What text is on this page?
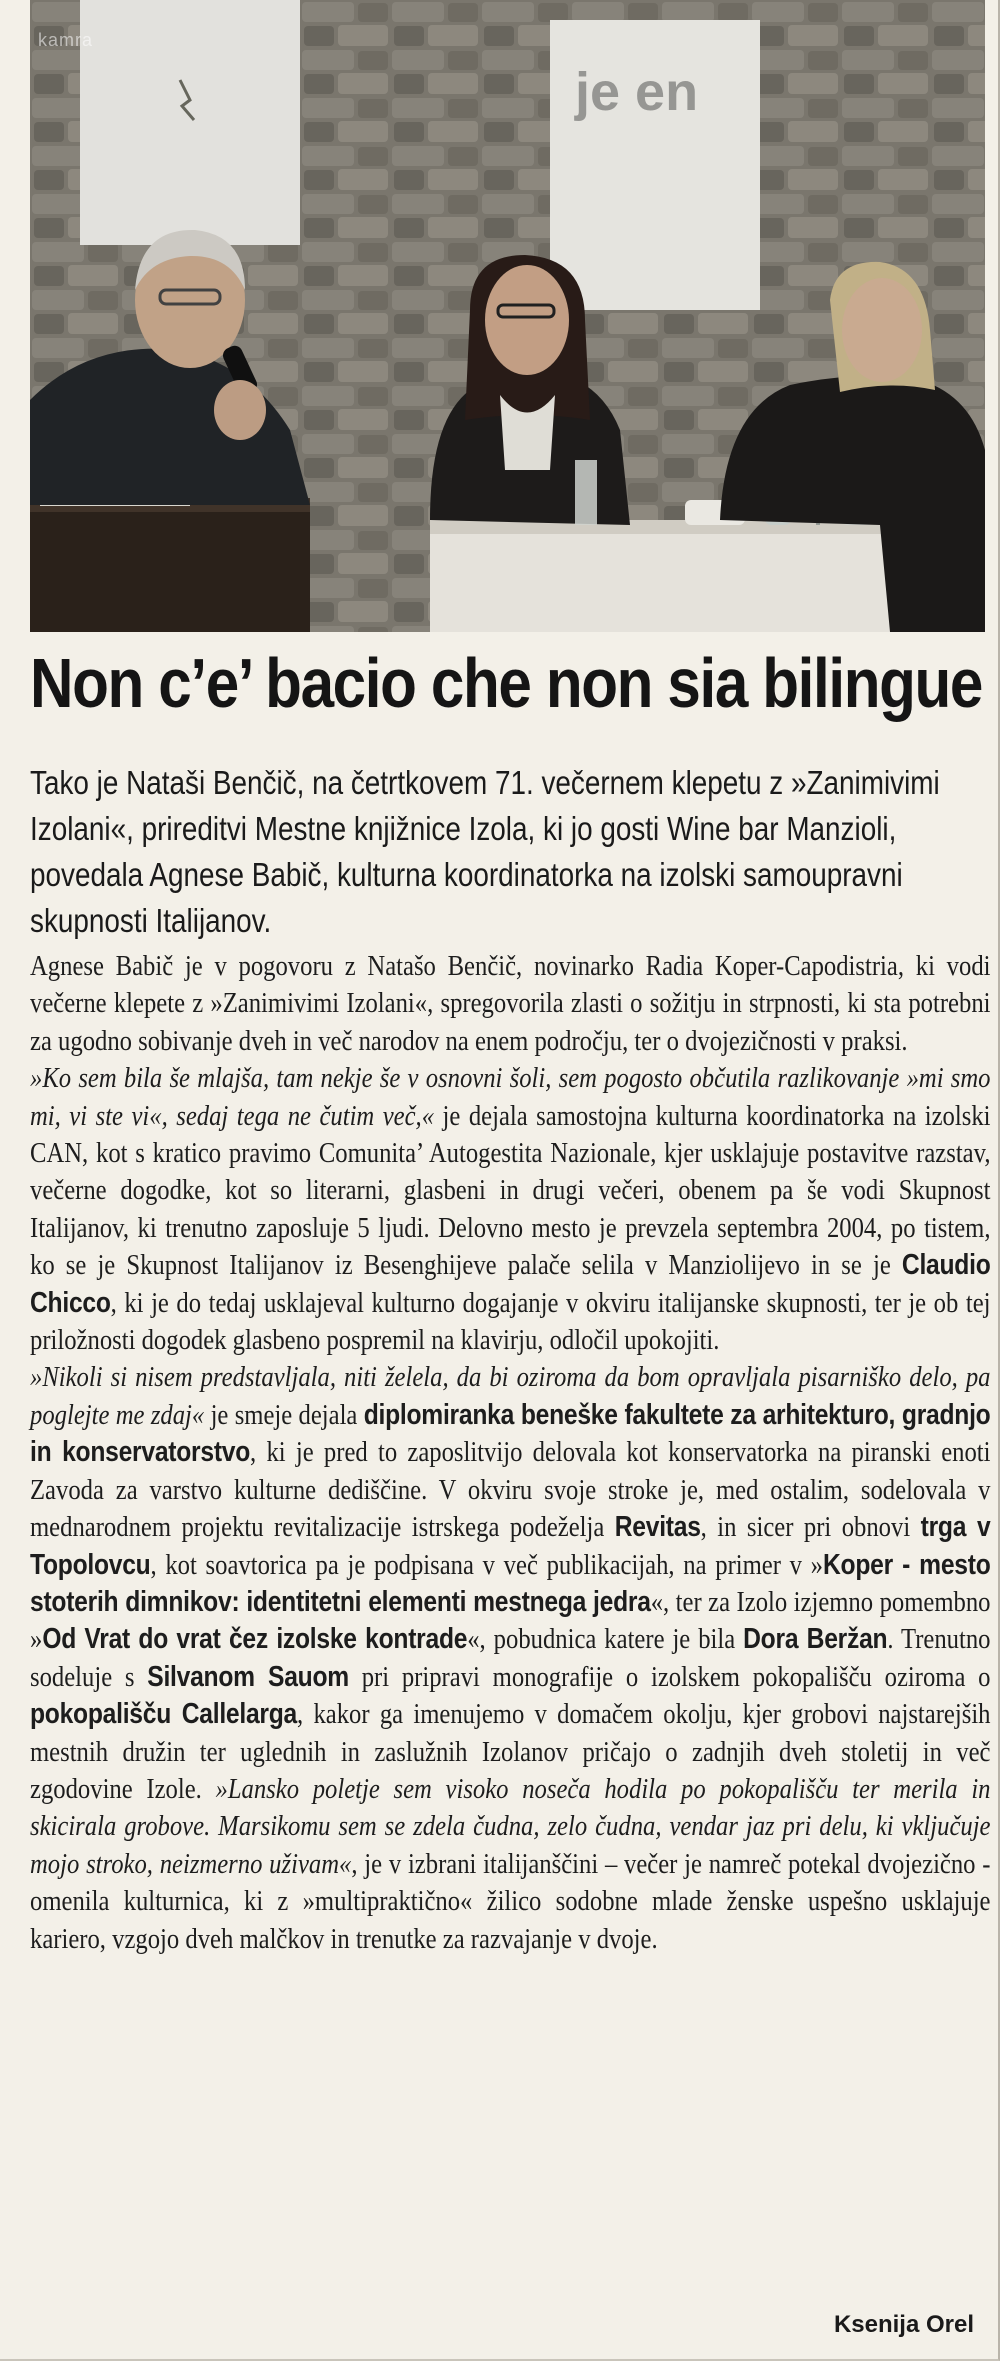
je en
kamra
Non c’e’ bacio che non sia bilingue

Tako je Nataši Benčič, na četrtkovem 71. večernem klepetu z »Zanimivimi Izolani«, prireditvi Mestne knjižnice Izola, ki jo gosti Wine bar Manzioli, povedala Agnese Babič, kulturna koordinatorka na izolski samoupravni skupnosti Italijanov.

Agnese Babič je v pogovoru z Natašo Benčič, novinarko Radia Koper-Capodistria, ki vodi večerne klepete z »Zanimivimi Izolani«, spregovorila zlasti o sožitju in strpnosti, ki sta potrebni za ugodno sobivanje dveh in več narodov na enem področju, ter o dvojezičnosti v praksi.

»Ko sem bila še mlajša, tam nekje še v osnovni šoli, sem pogosto občutila razlikovanje »mi smo mi, vi ste vi«, sedaj tega ne čutim več,« je dejala samostojna kulturna koordinatorka na izolski CAN, kot s kratico pravimo Comunita’ Autogestita Nazionale, kjer usklajuje postavitve razstav, večerne dogodke, kot so literarni, glasbeni in drugi večeri, obenem pa še vodi Skupnost Italijanov, ki trenutno zaposluje 5 ljudi. Delovno mesto je prevzela septembra 2004, po tistem, ko se je Skupnost Italijanov iz Besenghijeve palače selila v Manziolijevo in se je Claudio Chicco, ki je do tedaj usklajeval kulturno dogajanje v okviru italijanske skupnosti, ter je ob tej priložnosti dogodek glasbeno pospremil na klavirju, odločil upokojiti.

»Nikoli si nisem predstavljala, niti želela, da bi oziroma da bom opravljala pisarniško delo, pa poglejte me zdaj« je smeje dejala diplomiranka beneške fakultete za arhitekturo, gradnjo in konservatorstvo, ki je pred to zaposlitvijo delovala kot konservatorka na piranski enoti Zavoda za varstvo kulturne dediščine. V okviru svoje stroke je, med ostalim, sodelovala v mednarodnem projektu revitalizacije istrskega podeželja Revitas, in sicer pri obnovi trga v Topolovcu, kot soavtorica pa je podpisana v več publikacijah, na primer v »Koper - mesto stoterih dimnikov: identitetni elementi mestnega jedra«, ter za Izolo izjemno pomembno »Od Vrat do vrat čez izolske kontrade«, pobudnica katere je bila Dora Beržan. Trenutno sodeluje s Silvanom Sauom pri pripravi monografije o izolskem pokopališču oziroma o pokopališču Callelarga, kakor ga imenujemo v domačem okolju, kjer grobovi najstarejših mestnih družin ter uglednih in zaslužnih Izolanov pričajo o zadnjih dveh stoletij in več zgodovine Izole. »Lansko poletje sem visoko noseča hodila po pokopališču ter merila in skicirala grobove. Marsikomu sem se zdela čudna, zelo čudna, vendar jaz pri delu, ki vključuje mojo stroko, neizmerno uživam«, je v izbrani italijanščini – večer je namreč potekal dvojezično - omenila kulturnica, ki z »multipraktično« žilico sodobne mlade ženske uspešno usklajuje kariero, vzgojo dveh malčkov in trenutke za razvajanje v dvoje.

Ksenija Orel
